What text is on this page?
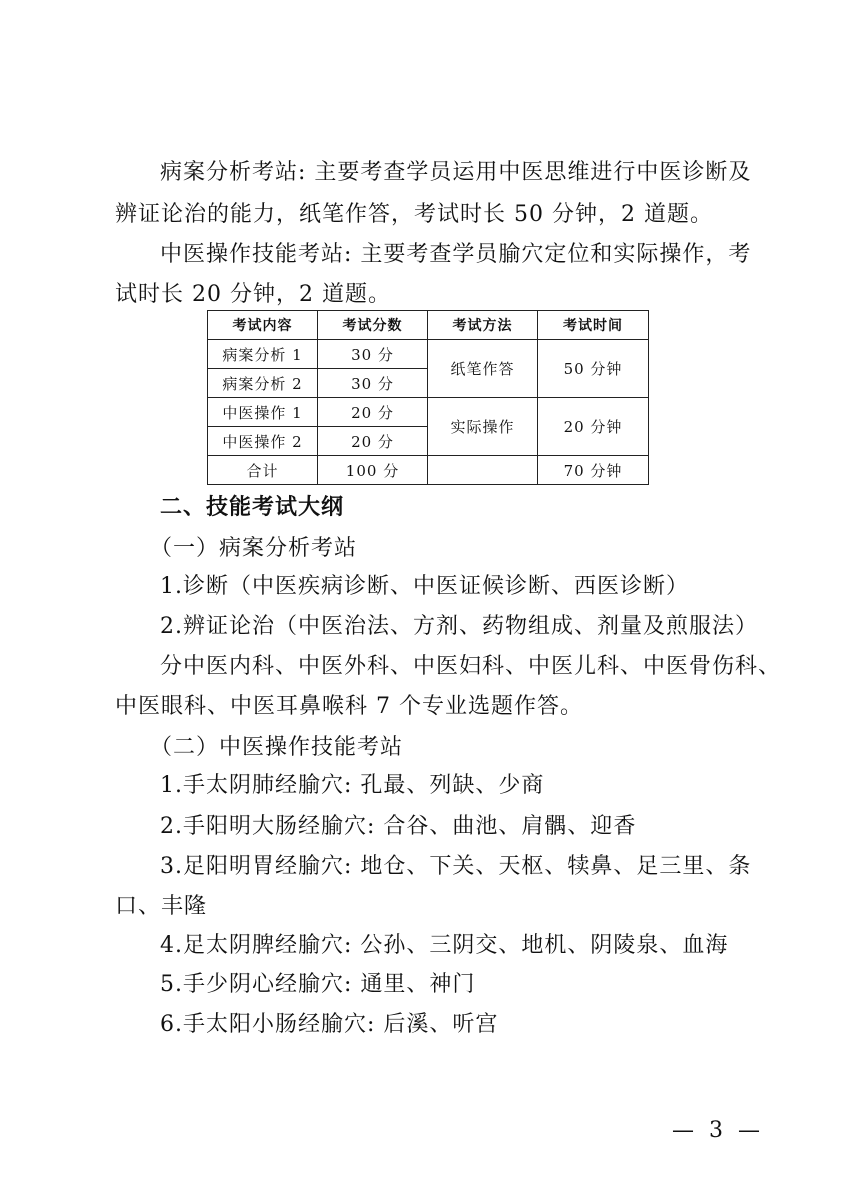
病案分析考站: 主要考查学员运用中医思维进行中医诊断及
辨证论治的能力，纸笔作答，考试时长 50 分钟，2 道题。
中医操作技能考站: 主要考查学员腧穴定位和实际操作，考
试时长 20 分钟，2 道题。
考试内容	考试分数	考试方法	考试时间
病案分析 1	30 分	纸笔作答	50 分钟
病案分析 2	30 分		
中医操作 1	20 分	实际操作	20 分钟
中医操作 2	20 分		
合计	100 分		70 分钟
二、技能考试大纲
（一）病案分析考站
1.诊断（中医疾病诊断、中医证候诊断、西医诊断）
2.辨证论治（中医治法、方剂、药物组成、剂量及煎服法）
分中医内科、中医外科、中医妇科、中医儿科、中医骨伤科、
中医眼科、中医耳鼻喉科 7 个专业选题作答。
（二）中医操作技能考站
1.手太阴肺经腧穴: 孔最、列缺、少商
2.手阳明大肠经腧穴: 合谷、曲池、肩髃、迎香
3.足阳明胃经腧穴: 地仓、下关、天枢、犊鼻、足三里、条
口、丰隆
4.足太阴脾经腧穴: 公孙、三阴交、地机、阴陵泉、血海
5.手少阴心经腧穴: 通里、神门
6.手太阳小肠经腧穴: 后溪、听宫
— 3 —
